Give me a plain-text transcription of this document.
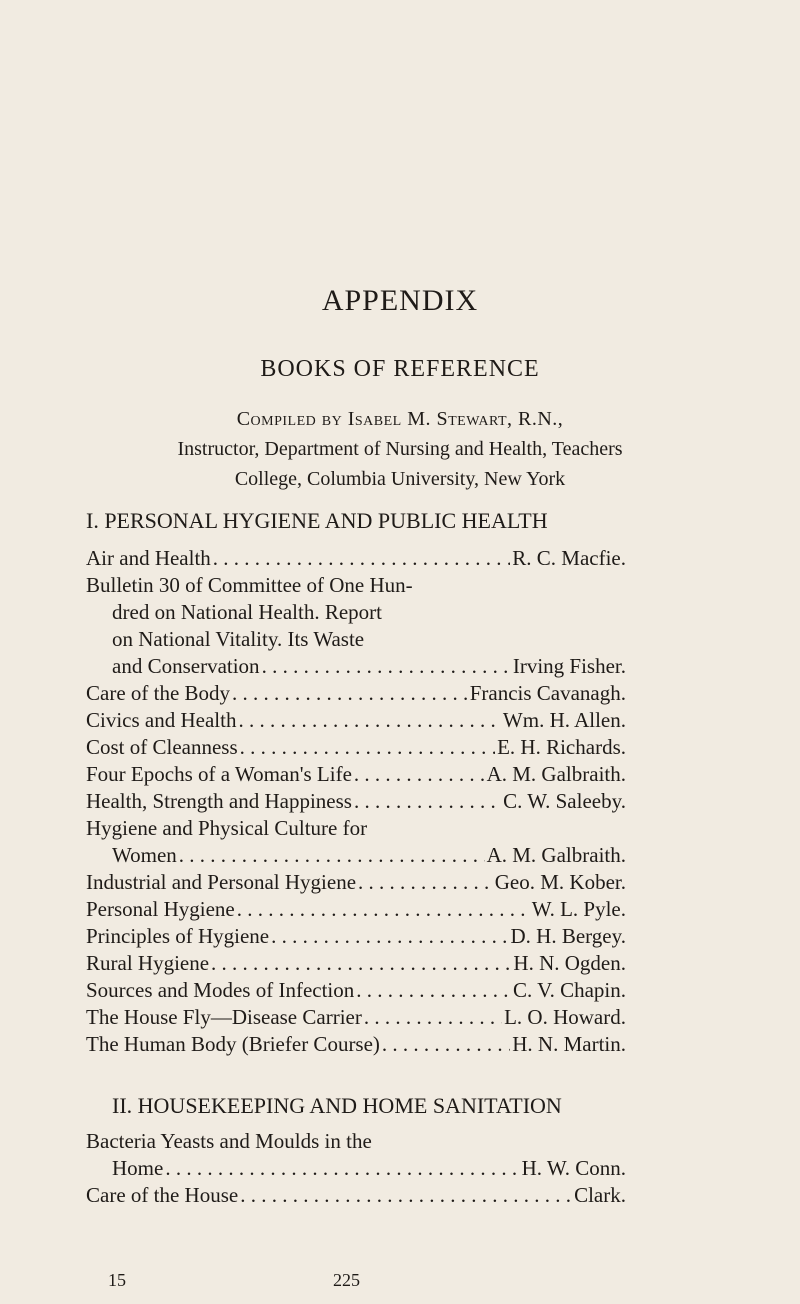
APPENDIX
BOOKS OF REFERENCE
Compiled by Isabel M. Stewart, R.N.,
Instructor, Department of Nursing and Health, Teachers
College, Columbia University, New York
I. PERSONAL HYGIENE AND PUBLIC HEALTH
Air and Health . . .	R. C. Macfie.
Bulletin 30 of Committee of One Hun-
dred on National Health. Report
on National Vitality. Its Waste
and Conservation . . .	Irving Fisher.
Care of the Body . . .	Francis Cavanagh.
Civics and Health . . .	Wm. H. Allen.
Cost of Cleanness . . .	E. H. Richards.
Four Epochs of a Woman's Life . . .	A. M. Galbraith.
Health, Strength and Happiness . . .	C. W. Saleeby.
Hygiene and Physical Culture for
Women . . .	A. M. Galbraith.
Industrial and Personal Hygiene . . .	Geo. M. Kober.
Personal Hygiene . . .	W. L. Pyle.
Principles of Hygiene . . .	D. H. Bergey.
Rural Hygiene . . .	H. N. Ogden.
Sources and Modes of Infection . . .	C. V. Chapin.
The House Fly—Disease Carrier . . .	L. O. Howard.
The Human Body (Briefer Course) . . .	H. N. Martin.
II. HOUSEKEEPING AND HOME SANITATION
Bacteria Yeasts and Moulds in the
Home . . .	H. W. Conn.
Care of the House . . .	Clark.
15	225
